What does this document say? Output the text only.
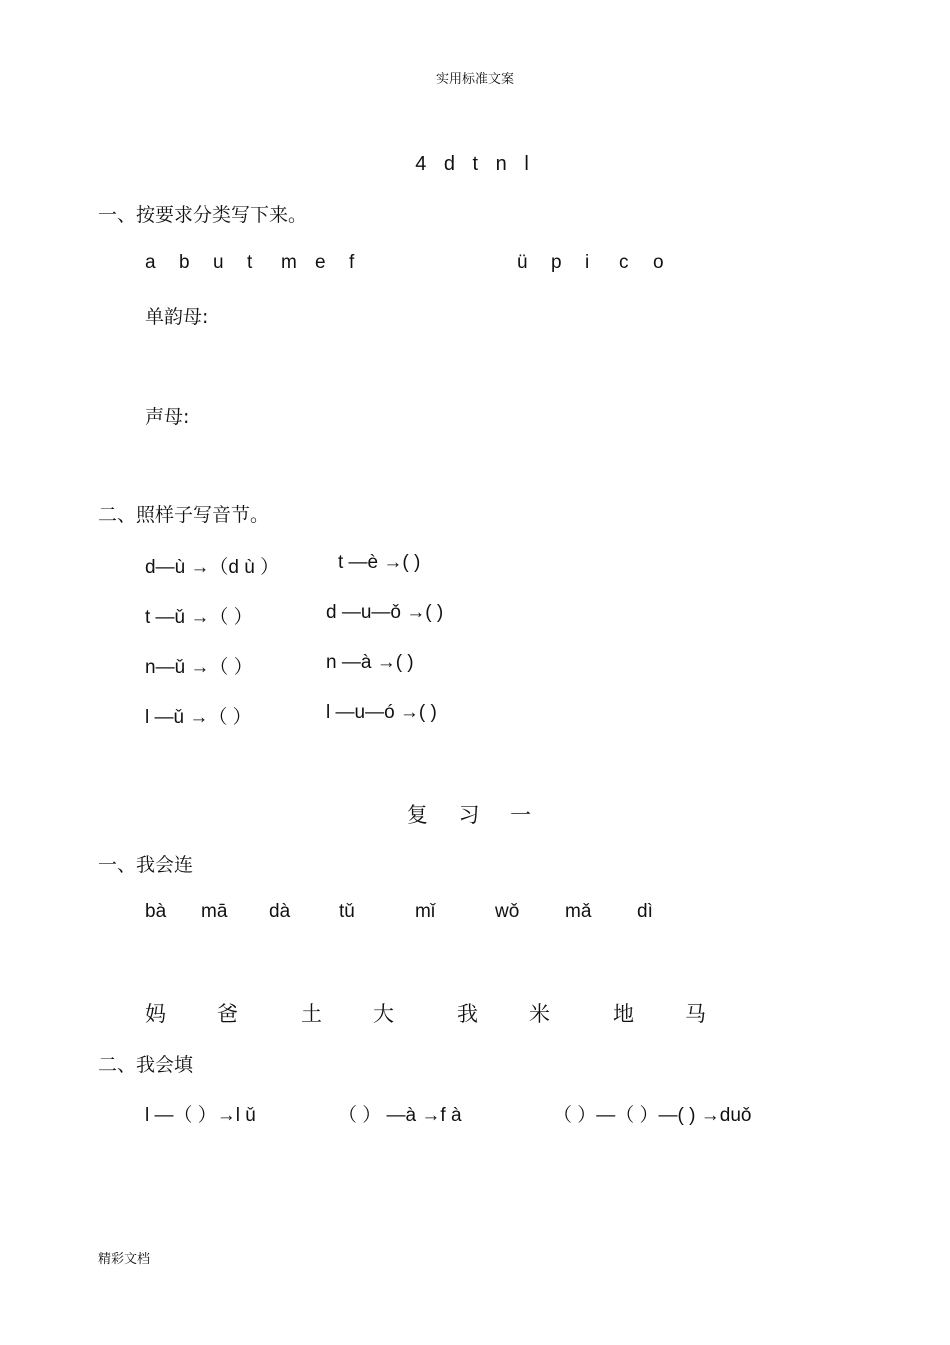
实用标准文案
4 d t n l
一、按要求分类写下来。
a b u t m e f	ü p i c o
单韵母:
声母:
二、照样子写音节。
d—ù →（d ù ）	t —è →( )
t —ǔ →（ ）	d —u—ǒ →( )
n—ǔ →（ ）	n —à →( )
l —ǔ →（ ）	l —u—ó →( )
复 习 一
一、我会连
bà mā dà	tǔ	mǐ	wǒ mǎ dì
妈 爸	土 大	我 米	地 马
二、我会填
l —（ ）→l ǔ	（ ） —à →f à	（ ）—（ ）—( ) →duǒ
精彩文档
